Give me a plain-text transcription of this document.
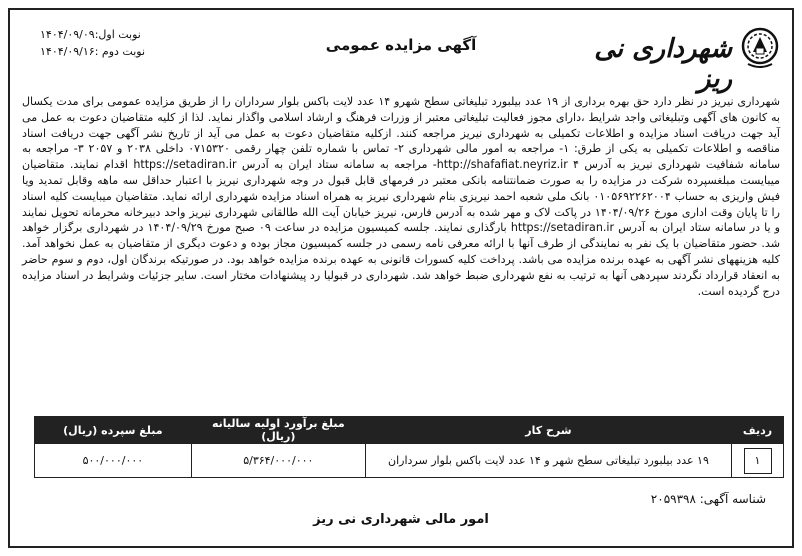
شهرداری نی ریز
آگهی مزایده عمومی
نوبت اول:۱۴۰۴/۰۹/۰۹
نوبت دوم :۱۴۰۴/۰۹/۱۶
شهرداری نیریز در نظر دارد حق بهره برداری از ۱۹ عدد بیلبورد تبلیغاتی سطح شهرو ۱۴ عدد لایت باکس بلوار سرداران را از طریق مزایده عمومی برای مدت یکسال به کانون های آگهی وتبلیغاتی واجد شرایط ،دارای مجوز فعالیت تبلیغاتی معتبر از وزرات فرهنگ و ارشاد اسلامی واگذار نماید. لذا از کلیه متقاضیان دعوت به عمل می آید جهت دریافت اسناد مزایده و اطلاعات تکمیلی به شهرداری نیریز مراجعه کنند. ازکلیه متقاضیان دعوت به عمل می آید از تاریخ نشر آگهی جهت دریافت اسناد مناقصه و اطلاعات تکمیلی به یکی از طرق: ۱- مراجعه به امور مالی شهرداری ۲- تماس با شماره تلفن چهار رقمی ۰۷۱۵۳۲۰ داخلی ۲۰۳۸ و ۲۰۵۷ ۳- مراجعه به سامانه شفافیت شهرداری نیریز به آدرس http://shafafiat.neyriz.ir ۴- مراجعه به سامانه ستاد ایران به آدرس https://setadiran.ir اقدام نمایند. متقاضیان میبایست مبلغسپرده شرکت در مزایده را به صورت ضمانتنامه بانکی معتبر در فرمهای قابل قبول در وجه شهرداری نیریز با اعتبار حداقل سه ماهه وقابل تمدید ویا فیش واریزی به حساب ۰۱۰۵۶۹۲۲۶۲۰۰۴ بانک ملی شعبه احمد نیریزی بنام شهرداری نیریز به همراه اسناد مزایده شهرداری ارائه نماید. متقاضیان میبایست کلیه اسناد را تا پایان وقت اداری مورخ ۱۴۰۴/۰۹/۲۶ در پاکت لاک و مهر شده به آدرس فارس، نیریز خیابان آیت الله طالقانی شهرداری نیریز واحد دبیرخانه محرمانه تحویل نمایند و یا در سامانه ستاد ایران به آدرس https://setadiran.ir بارگذاری نمایند. جلسه کمیسیون مزایده در ساعت ۰۹ صبح مورخ ۱۴۰۴/۰۹/۲۹ در شهرداری برگزار خواهد شد. حضور متقاضیان با یک نفر به نمایندگی از طرف آنها با ارائه معرفی نامه رسمی در جلسه کمیسیون مجاز بوده و دعوت دیگری از متقاضیان به عمل نخواهد آمد. کلیه هزینههای نشر آگهی به عهده برنده مزایده می باشد. پرداخت کلیه کسورات قانونی به عهده برنده مزایده خواهد بود. در صورتیکه برندگان اول، دوم و سوم حاضر به انعقاد قرارداد نگردند سپردهی آنها به ترتیب به نفع شهرداری ضبط خواهد شد. شهرداری در قبولیا رد پیشنهادات مختار است. سایر جزئیات وشرایط در اسناد مزایده درج گردیده است.
ردیف	شرح کار	مبلغ برآورد اولیه سالیانه (ریال)	مبلغ سپرده (ریال)
۱	۱۹ عدد بیلبورد تبلیغاتی سطح شهر و ۱۴ عدد لایت باکس بلوار سرداران	۵/۳۶۴/۰۰۰/۰۰۰	۵۰۰/۰۰۰/۰۰۰
شناسه آگهی: ۲۰۵۹۳۹۸
امور مالی شهرداری نی ریز
